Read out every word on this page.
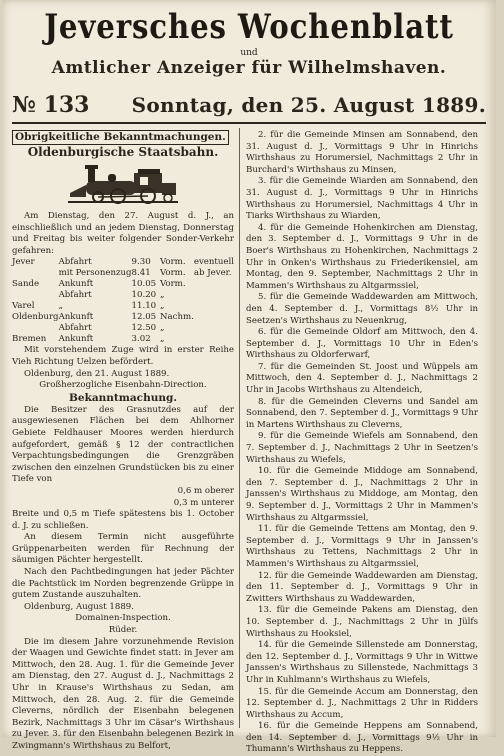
Jeversches Wochenblatt
und
Amtlicher Anzeiger für Wilhelmshaven.
№ 133 Sonntag, den 25. August 1889.
Obrigkeitliche Bekanntmachungen.
Oldenburgische Staatsbahn.

Am Dienstag, den 27. August d. J., an einschließlich und an jedem Dienstag, Donnerstag und Freitag bis weiter folgender Sonder-Verkehr gefahren:

Jever	Abfahrt	9.30	Vorm.	eventuell
	mit Personenzug	8.41	Vorm.	ab Jever.
Sande	Ankunft	10.05	Vorm.	
	Abfahrt	10.20	„	
Varel	„	11.10	„	
Oldenburg	Ankunft	12.05	Nachm.	
	Abfahrt	12.50	„	
Bremen	Ankunft	3.02	„	

Mit vorstehendem Zuge wird in erster Reihe Vieh Richtung Uelzen befördert.

Oldenburg, den 21. August 1889.

Großherzogliche Eisenbahn-Direction.

Bekanntmachung.

Die Besitzer des Grasnutzdes auf der ausgewiesenen Flächen bei dem Ahlhorner Gebiete Feldhauser Moores werden hierdurch aufgefordert, gemäß § 12 der contractlichen Verpachtungsbedingungen die Grenzgräben zwischen den einzelnen Grundstücken bis zu einer Tiefe von

0,6 m oberer

0,3 m unterer

Breite und 0,5 m Tiefe spätestens bis 1. October d. J. zu schließen.

An diesem Termin nicht ausgeführte Grüppenarbeiten werden für Rechnung der säumigen Pächter hergestellt.

Nach den Pachtbedingungen hat jeder Pächter die Pachtstück im Norden begrenzende Grüppe in gutem Zustande auszuhalten.

Oldenburg, August 1889.

Domainen-Inspection.

Rüder.

Die im diesem Jahre vorzunehmende Revision der Waagen und Gewichte findet statt: in Jever am Mittwoch, den 28. Aug. 1. für die Gemeinde Jever am Dienstag, den 27. August d. J., Nachmittags 2 Uhr in Krause's Wirthshaus zu Sedan, am Mittwoch, den 28. Aug. 2. für die Gemeinde Cleverns, nördlich der Eisenbahn belegenen Bezirk, Nachmittags 3 Uhr im Cäsar's Wirthshaus zu Jever. 3. für den Eisenbahn belegenen Bezirk in Zwingmann's Wirthshaus zu Belfort,

2. für die Gemeinde Minsen am Sonnabend, den 31. August d. J., Vormittags 9 Uhr in Hinrichs Wirthshaus zu Horumersiel, Nachmittags 2 Uhr in Burchard's Wirthshaus zu Minsen,

3. für die Gemeinde Wiarden am Sonnabend, den 31. August d. J., Vormittags 9 Uhr in Hinrichs Wirthshaus zu Horumersiel, Nachmittags 4 Uhr in Tiarks Wirthshaus zu Wiarden,

4. für die Gemeinde Hohenkirchen am Dienstag, den 3. September d. J., Vormittags 9 Uhr in de Boer's Wirthshaus zu Hohenkirchen, Nachmittags 2 Uhr in Onken's Wirthshaus zu Friederikensiel, am Montag, den 9. September, Nachmittags 2 Uhr in Mammen's Wirthshaus zu Altgarmssiel,

5. für die Gemeinde Waddewarden am Mittwoch, den 4. September d. J., Vormittags 8½ Uhr in Seetzen's Wirthshaus zu Neuenkrug,

6. für die Gemeinde Oldorf am Mittwoch, den 4. September d. J., Vormittags 10 Uhr in Eden's Wirthshaus zu Oldorferwarf,

7. für die Gemeinden St. Joost und Wüppels am Mittwoch, den 4. September d. J., Nachmittags 2 Uhr in Jacobs Wirthshaus zu Altendeich,

8. für die Gemeinden Cleverns und Sandel am Sonnabend, den 7. September d. J., Vormittags 9 Uhr in Martens Wirthshaus zu Cleverns,

9. für die Gemeinde Wiefels am Sonnabend, den 7. September d. J., Nachmittags 2 Uhr in Seetzen's Wirthshaus zu Wiefels,

10. für die Gemeinde Middoge am Sonnabend, den 7. September d. J., Nachmittags 2 Uhr in Janssen's Wirthshaus zu Middoge, am Montag, den 9. September d. J., Vormittags 2 Uhr in Mammen's Wirthshaus zu Altgarmssiel,

11. für die Gemeinde Tettens am Montag, den 9. September d. J., Vormittags 9 Uhr in Janssen's Wirthshaus zu Tettens, Nachmittags 2 Uhr in Mammen's Wirthshaus zu Altgarmssiel,

12. für die Gemeinde Waddewarden am Dienstag, den 11. September d. J., Vormittags 9 Uhr in Zwitters Wirthshaus zu Waddewarden,

13. für die Gemeinde Pakens am Dienstag, den 10. September d. J., Nachmittags 2 Uhr in Jülfs Wirthshaus zu Hooksiel,

14. für die Gemeinde Sillenstede am Donnerstag, den 12. September d. J., Vormittags 9 Uhr in Wittwe Janssen's Wirthshaus zu Sillenstede, Nachmittags 3 Uhr in Kuhlmann's Wirthshaus zu Wiefels,

15. für die Gemeinde Accum am Donnerstag, den 12. September d. J., Nachmittags 2 Uhr in Ridders Wirthshaus zu Accum,

16. für die Gemeinde Heppens am Sonnabend, den 14. September d. J., Vormittags 9½ Uhr in Thumann's Wirthshaus zu Heppens.
